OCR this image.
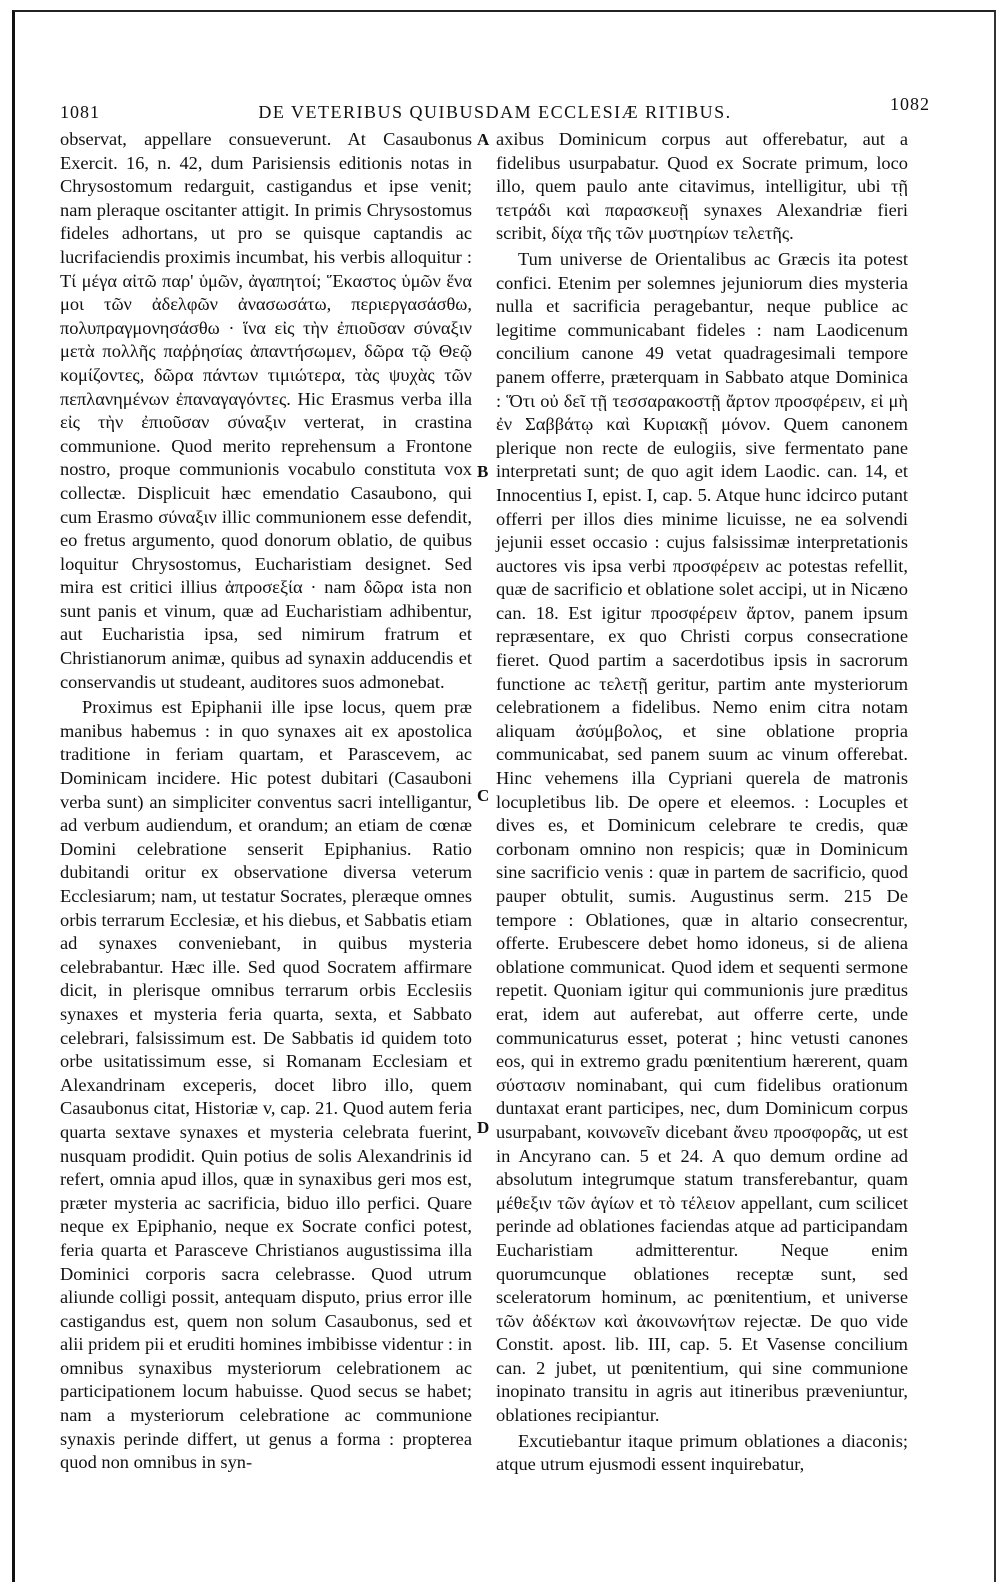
1081	DE VETERIBUS QUIBUSDAM ECCLESIÆ RITIBUS.	1082

observat, appellare consueverunt. At Casaubonus Exercit. 16, n. 42, dum Parisiensis editionis notas in Chrysostomum redarguit, castigandus et ipse venit; nam pleraque oscitanter attigit. In primis Chrysostomus fideles adhortans, ut pro se quisque captandis ac lucrifaciendis proximis incumbat, his verbis alloquitur : Τί μέγα αἰτῶ παρ' ὑμῶν, ἀγαπητοί; Ἕκαστος ὑμῶν ἕνα μοι τῶν ἀδελφῶν ἀνασωσάτω, περιεργασάσθω, πολυπραγμονησάσθω · ἵνα εἰς τὴν ἐπιοῦσαν σύναξιν μετὰ πολλῆς παῤῥησίας ἀπαντήσωμεν, δῶρα τῷ Θεῷ κομίζοντες, δῶρα πάντων τιμιώτερα, τὰς ψυχὰς τῶν πεπλανημένων ἐπαναγαγόντες. Hic Erasmus verba illa εἰς τὴν ἐπιοῦσαν σύναξιν verterat, in crastina communione. Quod merito reprehensum a Frontone nostro, proque communionis vocabulo constituta vox collectæ. Displicuit hæc emendatio Casaubono, qui cum Erasmo σύναξιν illic communionem esse defendit, eo fretus argumento, quod donorum oblatio, de quibus loquitur Chrysostomus, Eucharistiam designet. Sed mira est critici illius ἀπροσεξία · nam δῶρα ista non sunt panis et vinum, quæ ad Eucharistiam adhibentur, aut Eucharistia ipsa, sed nimirum fratrum et Christianorum animæ, quibus ad synaxin adducendis et conservandis ut studeant, auditores suos admonebat.

Proximus est Epiphanii ille ipse locus, quem præ manibus habemus : in quo synaxes ait ex apostolica traditione in feriam quartam, et Parascevem, ac Dominicam incidere. Hic potest dubitari (Casauboni verba sunt) an simpliciter conventus sacri intelligantur, ad verbum audiendum, et orandum; an etiam de cœnæ Domini celebratione senserit Epiphanius. Ratio dubitandi oritur ex observatione diversa veterum Ecclesiarum; nam, ut testatur Socrates, pleræque omnes orbis terrarum Ecclesiæ, et his diebus, et Sabbatis etiam ad synaxes conveniebant, in quibus mysteria celebrabantur. Hæc ille. Sed quod Socratem affirmare dicit, in plerisque omnibus terrarum orbis Ecclesiis synaxes et mysteria feria quarta, sexta, et Sabbato celebrari, falsissimum est. De Sabbatis id quidem toto orbe usitatissimum esse, si Romanam Ecclesiam et Alexandrinam exceperis, docet libro illo, quem Casaubonus citat, Historiæ v, cap. 21. Quod autem feria quarta sextave synaxes et mysteria celebrata fuerint, nusquam prodidit. Quin potius de solis Alexandrinis id refert, omnia apud illos, quæ in synaxibus geri mos est, præter mysteria ac sacrificia, biduo illo perfici. Quare neque ex Epiphanio, neque ex Socrate confici potest, feria quarta et Parasceve Christianos augustissima illa Dominici corporis sacra celebrasse. Quod utrum aliunde colligi possit, antequam disputo, prius error ille castigandus est, quem non solum Casaubonus, sed et alii pridem pii et eruditi homines imbibisse videntur : in omnibus synaxibus mysteriorum celebrationem ac participationem locum habuisse. Quod secus se habet; nam a mysteriorum celebratione ac communione synaxis perinde differt, ut genus a forma : propterea quod non omnibus in syn-

A
B
C
D

axibus Dominicum corpus aut offerebatur, aut a fidelibus usurpabatur. Quod ex Socrate primum, loco illo, quem paulo ante citavimus, intelligitur, ubi τῇ τετράδι καὶ παρασκευῇ synaxes Alexandriæ fieri scribit, δίχα τῆς τῶν μυστηρίων τελετῆς.

Tum universe de Orientalibus ac Græcis ita potest confici. Etenim per solemnes jejuniorum dies mysteria nulla et sacrificia peragebantur, neque publice ac legitime communicabant fideles : nam Laodicenum concilium canone 49 vetat quadragesimali tempore panem offerre, præterquam in Sabbato atque Dominica : Ὅτι οὐ δεῖ τῇ τεσσαρακοστῇ ἄρτον προσφέρειν, εἰ μὴ ἐν Σαββάτῳ καὶ Κυριακῇ μόνον. Quem canonem plerique non recte de eulogiis, sive fermentato pane interpretati sunt; de quo agit idem Laodic. can. 14, et Innocentius I, epist. I, cap. 5. Atque hunc idcirco putant offerri per illos dies minime licuisse, ne ea solvendi jejunii esset occasio : cujus falsissimæ interpretationis auctores vis ipsa verbi προσφέρειν ac potestas refellit, quæ de sacrificio et oblatione solet accipi, ut in Nicæno can. 18. Est igitur προσφέρειν ἄρτον, panem ipsum repræsentare, ex quo Christi corpus consecratione fieret. Quod partim a sacerdotibus ipsis in sacrorum functione ac τελετῇ geritur, partim ante mysteriorum celebrationem a fidelibus. Nemo enim citra notam aliquam ἀσύμβολος, et sine oblatione propria communicabat, sed panem suum ac vinum offerebat. Hinc vehemens illa Cypriani querela de matronis locupletibus lib. De opere et eleemos. : Locuples et dives es, et Dominicum celebrare te credis, quæ corbonam omnino non respicis; quæ in Dominicum sine sacrificio venis : quæ in partem de sacrificio, quod pauper obtulit, sumis. Augustinus serm. 215 De tempore : Oblationes, quæ in altario consecrentur, offerte. Erubescere debet homo idoneus, si de aliena oblatione communicat. Quod idem et sequenti sermone repetit. Quoniam igitur qui communionis jure præditus erat, idem aut auferebat, aut offerre certe, unde communicaturus esset, poterat ; hinc vetusti canones eos, qui in extremo gradu pœnitentium hærerent, quam σύστασιν nominabant, qui cum fidelibus orationum duntaxat erant participes, nec, dum Dominicum corpus usurpabant, κοινωνεῖν dicebant ἄνευ προσφορᾶς, ut est in Ancyrano can. 5 et 24. A quo demum ordine ad absolutum integrumque statum transferebantur, quam μέθεξιν τῶν ἁγίων et τὸ τέλειον appellant, cum scilicet perinde ad oblationes faciendas atque ad participandam Eucharistiam admitterentur. Neque enim quorumcunque oblationes receptæ sunt, sed sceleratorum hominum, ac pœnitentium, et universe τῶν ἀδέκτων καὶ ἀκοινωνήτων rejectæ. De quo vide Constit. apost. lib. III, cap. 5. Et Vasense concilium can. 2 jubet, ut pœnitentium, qui sine communione inopinato transitu in agris aut itineribus præveniuntur, oblationes recipiantur.

Excutiebantur itaque primum oblationes a diaconis; atque utrum ejusmodi essent inquirebatur,
